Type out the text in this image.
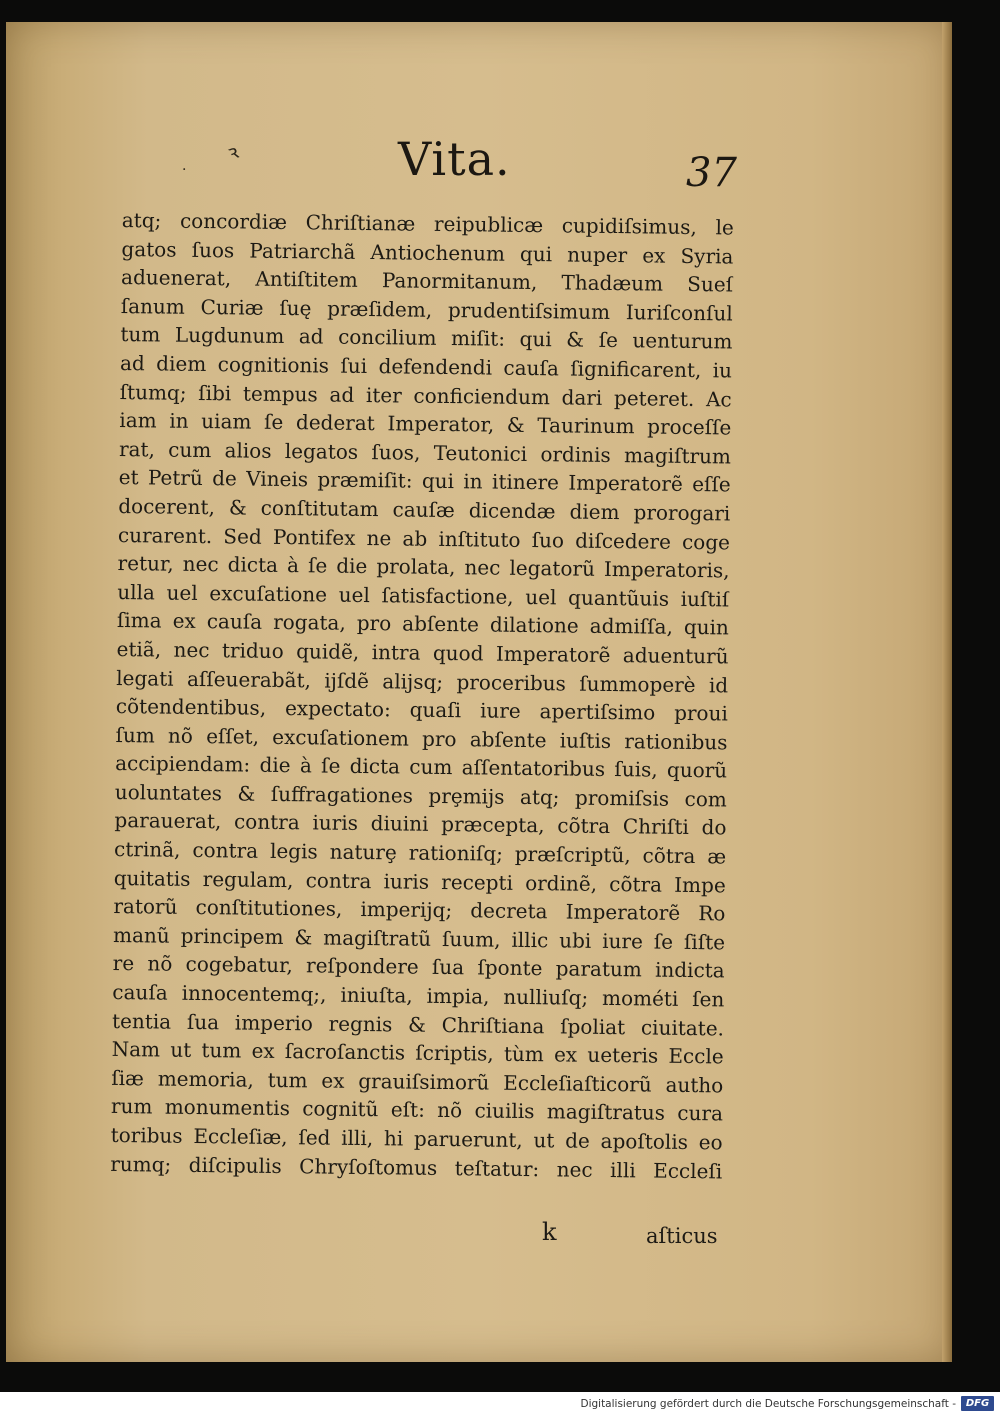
ꝛ
·	Vita.	37
atq; concordiæ Chriſtianæ reipublicæ cupidiſsimus, le
gatos ſuos Patriarchã Antiochenum qui nuper ex Syria
aduenerat, Antiſtitem Panormitanum, Thadæum Sueſ
ſanum Curiæ ſuę præſidem, prudentiſsimum Iuriſconſul
tum Lugdunum ad concilium miſit: qui & ſe uenturum
ad diem cognitionis ſui defendendi cauſa ſignificarent, iu
ſtumq; ſibi tempus ad iter conficiendum dari peteret. Ac
iam in uiam ſe dederat Imperator, & Taurinum proceſſe
rat, cum alios legatos ſuos, Teutonici ordinis magiſtrum
et Petrũ de Vineis præmiſit: qui in itinere Imperatorẽ eſſe
docerent, & conſtitutam cauſæ dicendæ diem prorogari
curarent. Sed Pontifex ne ab inſtituto ſuo diſcedere coge
retur, nec dicta à ſe die prolata, nec legatorũ Imperatoris,
ulla uel excuſatione uel ſatisfactione, uel quantũuis iuſtiſ
ſima ex cauſa rogata, pro abſente dilatione admiſſa, quin
etiã, nec triduo quidẽ, intra quod Imperatorẽ aduenturũ
legati aſſeuerabãt, ijſdẽ alijsq; proceribus ſummoperè id
cõtendentibus, expectato: quaſi iure apertiſsimo proui
ſum nõ eſſet, excuſationem pro abſente iuſtis rationibus
accipiendam: die à ſe dicta cum aſſentatoribus ſuis, quorũ
uoluntates & ſuffragationes prȩmijs atq; promiſsis com
parauerat, contra iuris diuini præcepta, cõtra Chriſti do
ctrinã, contra legis naturȩ rationiſq; præſcriptũ, cõtra æ
quitatis regulam, contra iuris recepti ordinẽ, cõtra Impe
ratorũ conſtitutiones, imperijq; decreta Imperatorẽ Ro
manũ principem & magiſtratũ ſuum, illic ubi iure ſe ſiſte
re nõ cogebatur, reſpondere ſua ſponte paratum indicta
cauſa innocentemq;, iniuſta, impia, nulliuſq; mométi ſen
tentia ſua imperio regnis & Chriſtiana ſpoliat ciuitate.
Nam ut tum ex ſacroſanctis ſcriptis, tùm ex ueteris Eccle
ſiæ memoria, tum ex grauiſsimorũ Eccleſiaſticorũ autho
rum monumentis cognitũ eſt: nõ ciuilis magiſtratus cura
toribus Eccleſiæ, ſed illi, hi paruerunt, ut de apoſtolis eo
rumq; diſcipulis Chryſoſtomus teſtatur: nec illi Eccleſi
k	aſticus
Digitalisierung gefördert durch die Deutsche Forschungsgemeinschaft - DFG
